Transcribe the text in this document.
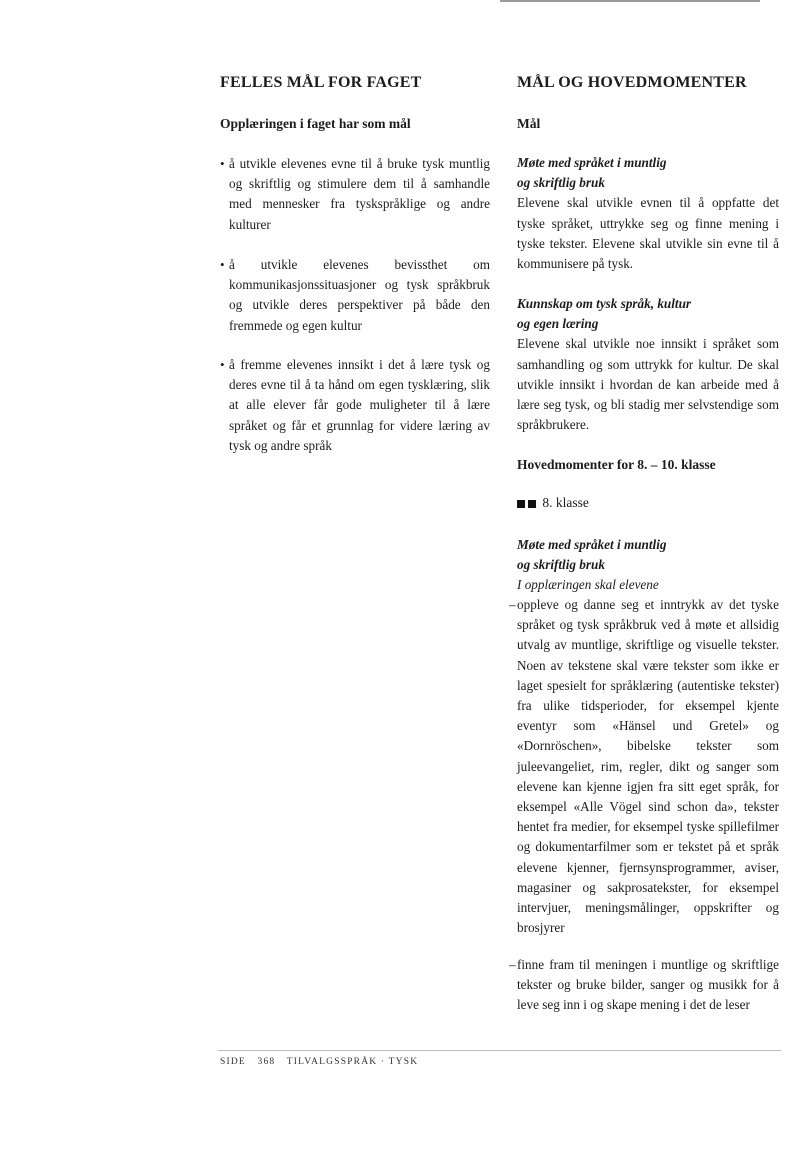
FELLES MÅL FOR FAGET
Opplæringen i faget har som mål
• å utvikle elevenes evne til å bruke tysk muntlig og skriftlig og stimulere dem til å samhandle med mennesker fra tyskspråklige og andre kulturer

• å utvikle elevenes bevissthet om kommunikasjonssituasjoner og tysk språkbruk og utvikle deres perspektiver på både den fremmede og egen kultur

• å fremme elevenes innsikt i det å lære tysk og deres evne til å ta hånd om egen tysklæring, slik at alle elever får gode muligheter til å lære språket og får et grunnlag for videre læring av tysk og andre språk

MÅL OG HOVEDMOMENTER
Mål
Møte med språket i muntlig
og skriftlig bruk

Elevene skal utvikle evnen til å oppfatte det tyske språket, uttrykke seg og finne mening i tyske tekster. Elevene skal utvikle sin evne til å kommunisere på tysk.

Kunnskap om tysk språk, kultur
og egen læring

Elevene skal utvikle noe innsikt i språket som samhandling og som uttrykk for kultur. De skal utvikle innsikt i hvordan de kan arbeide med å lære seg tysk, og bli stadig mer selvstendige som språkbrukere.

Hovedmomenter for 8. – 10. klasse
8. klasse
Møte med språket i muntlig
og skriftlig bruk
I opplæringen skal elevene
– oppleve og danne seg et inntrykk av det tyske språket og tysk språkbruk ved å møte et allsidig utvalg av muntlige, skriftlige og visuelle tekster. Noen av tekstene skal være tekster som ikke er laget spesielt for språklæring (autentiske tekster) fra ulike tidsperioder, for eksempel kjente eventyr som «Hänsel und Gretel» og «Dornröschen», bibelske tekster som juleevangeliet, rim, regler, dikt og sanger som elevene kan kjenne igjen fra sitt eget språk, for eksempel «Alle Vögel sind schon da», tekster hentet fra medier, for eksempel tyske spillefilmer og dokumentarfilmer som er tekstet på et språk elevene kjenner, fjernsynsprogrammer, aviser, magasiner og sakprosatekster, for eksempel intervjuer, meningsmålinger, oppskrifter og brosjyrer

– finne fram til meningen i muntlige og skriftlige tekster og bruke bilder, sanger og musikk for å leve seg inn i og skape mening i det de leser

SIDE 368 TILVALGSSPRÅK · TYSK
